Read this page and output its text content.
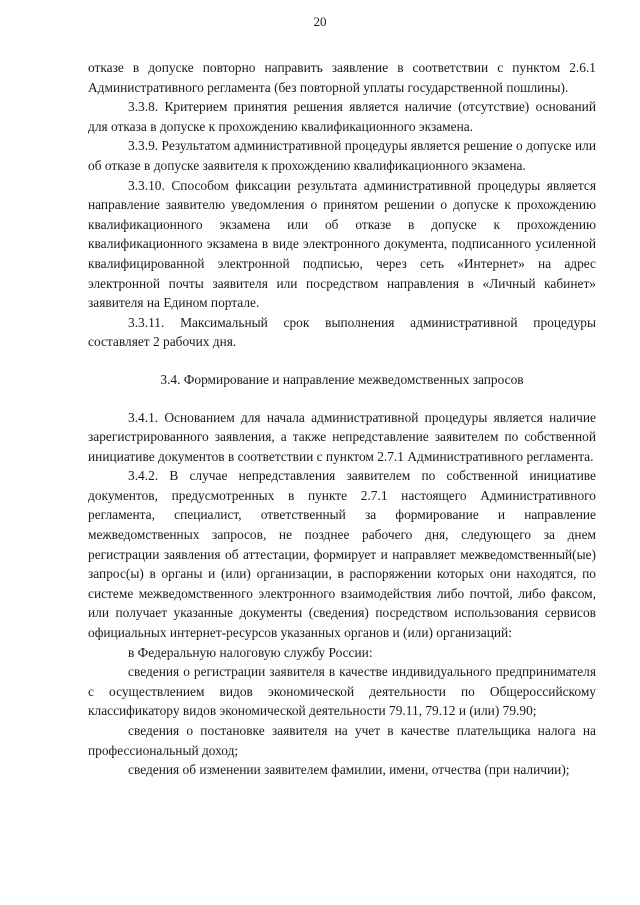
20

отказе в допуске повторно направить заявление в соответствии с пунктом 2.6.1 Административного регламента (без повторной уплаты государственной пошлины).

3.3.8. Критерием принятия решения является наличие (отсутствие) оснований для отказа в допуске к прохождению квалификационного экзамена.

3.3.9. Результатом административной процедуры является решение о допуске или об отказе в допуске заявителя к прохождению квалификационного экзамена.

3.3.10. Способом фиксации результата административной процедуры является направление заявителю уведомления о принятом решении о допуске к прохождению квалификационного экзамена или об отказе в допуске к прохождению квалификационного экзамена в виде электронного документа, подписанного усиленной квалифицированной электронной подписью, через сеть «Интернет» на адрес электронной почты заявителя или посредством направления в «Личный кабинет» заявителя на Едином портале.

3.3.11. Максимальный срок выполнения административной процедуры составляет 2 рабочих дня.

3.4. Формирование и направление межведомственных запросов

3.4.1. Основанием для начала административной процедуры является наличие зарегистрированного заявления, а также непредставление заявителем по собственной инициативе документов в соответствии с пунктом 2.7.1 Административного регламента.

3.4.2. В случае непредставления заявителем по собственной инициативе документов, предусмотренных в пункте 2.7.1 настоящего Административного регламента, специалист, ответственный за формирование и направление межведомственных запросов, не позднее рабочего дня, следующего за днем регистрации заявления об аттестации, формирует и направляет межведомственный(ые) запрос(ы) в органы и (или) организации, в распоряжении которых они находятся, по системе межведомственного электронного взаимодействия либо почтой, либо факсом, или получает указанные документы (сведения) посредством использования сервисов официальных интернет-ресурсов указанных органов и (или) организаций:

в Федеральную налоговую службу России:

сведения о регистрации заявителя в качестве индивидуального предпринимателя с осуществлением видов экономической деятельности по Общероссийскому классификатору видов экономической деятельности 79.11, 79.12 и (или) 79.90;

сведения о постановке заявителя на учет в качестве плательщика налога на профессиональный доход;

сведения об изменении заявителем фамилии, имени, отчества (при наличии);
